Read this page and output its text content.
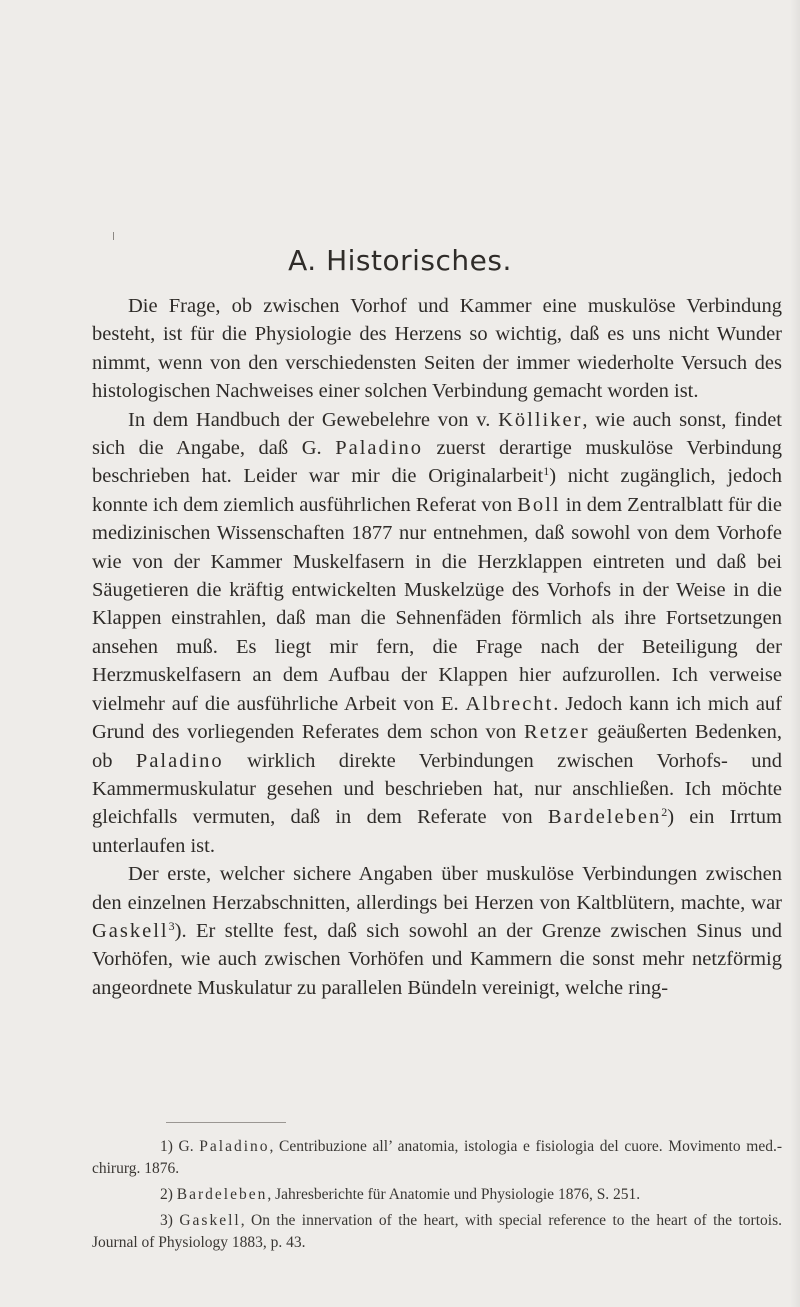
A. Historisches.

Die Frage, ob zwischen Vorhof und Kammer eine muskulöse Verbindung besteht, ist für die Physiologie des Herzens so wichtig, daß es uns nicht Wunder nimmt, wenn von den verschiedensten Seiten der immer wiederholte Versuch des histologischen Nachweises einer solchen Verbindung gemacht worden ist.

In dem Handbuch der Gewebelehre von v. Kölliker, wie auch sonst, findet sich die Angabe, daß G. Paladino zuerst derartige muskulöse Verbindung beschrieben hat. Leider war mir die Originalarbeit$^1$) nicht zugänglich, jedoch konnte ich dem ziemlich ausführlichen Referat von Boll in dem Zentralblatt für die medizinischen Wissenschaften 1877 nur entnehmen, daß sowohl von dem Vorhofe wie von der Kammer Muskelfasern in die Herzklappen eintreten und daß bei Säugetieren die kräftig entwickelten Muskelzüge des Vorhofs in der Weise in die Klappen einstrahlen, daß man die Sehnenfäden förmlich als ihre Fortsetzungen ansehen muß. Es liegt mir fern, die Frage nach der Beteiligung der Herzmuskelfasern an dem Aufbau der Klappen hier aufzurollen. Ich verweise vielmehr auf die ausführliche Arbeit von E. Albrecht. Jedoch kann ich mich auf Grund des vorliegenden Referates dem schon von Retzer geäußerten Bedenken, ob Paladino wirklich direkte Verbindungen zwischen Vorhofs- und Kammermuskulatur gesehen und beschrieben hat, nur anschließen. Ich möchte gleichfalls vermuten, daß in dem Referate von Bardeleben$^2$) ein Irrtum unterlaufen ist.

Der erste, welcher sichere Angaben über muskulöse Verbindungen zwischen den einzelnen Herzabschnitten, allerdings bei Herzen von Kaltblütern, machte, war Gaskell$^3$). Er stellte fest, daß sich sowohl an der Grenze zwischen Sinus und Vorhöfen, wie auch zwischen Vorhöfen und Kammern die sonst mehr netzförmig angeordnete Muskulatur zu parallelen Bündeln vereinigt, welche ring-

1) G. Paladino, Centribuzione all’ anatomia, istologia e fisiologia del cuore. Movimento med.-chirurg. 1876.

2) Bardeleben, Jahresberichte für Anatomie und Physiologie 1876, S. 251.

3) Gaskell, On the innervation of the heart, with special reference to the heart of the tortois. Journal of Physiology 1883, p. 43.
